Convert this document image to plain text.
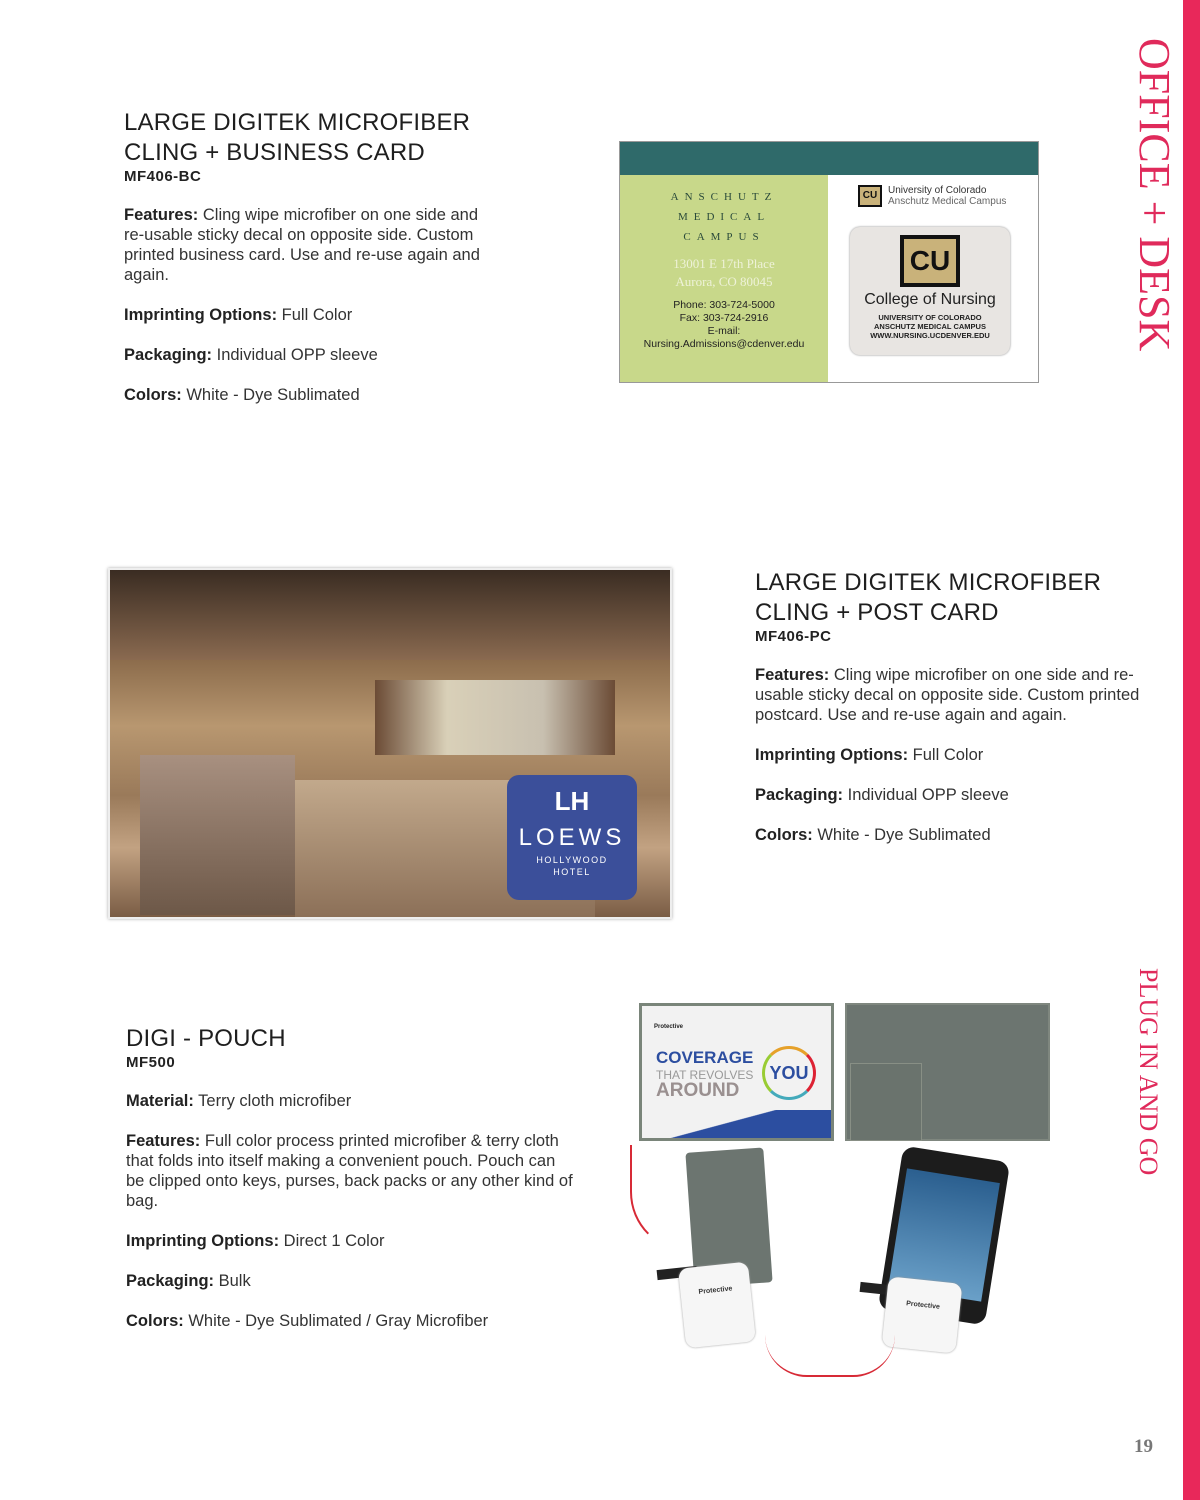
OFFICE + DESK
PLUG IN AND GO
19
LARGE DIGITEK MICROFIBER
CLING + BUSINESS CARD
MF406-BC
Features: Cling wipe microfiber on one side and re-usable sticky decal on opposite side. Custom printed business card. Use and re-use again and again.
Imprinting Options: Full Color
Packaging: Individual OPP sleeve
Colors: White - Dye Sublimated
ANSCHUTZ
MEDICAL
CAMPUS
13001 E 17th Place
Aurora, CO 80045
Phone: 303-724-5000
Fax: 303-724-2916
E-mail:
Nursing.Admissions@cdenver.edu
CU	University of Colorado
Anschutz Medical Campus
CU
College of Nursing
UNIVERSITY OF COLORADO
ANSCHUTZ MEDICAL CAMPUS
WWW.NURSING.UCDENVER.EDU
LH
LOEWS
HOLLYWOOD
HOTEL
LARGE DIGITEK MICROFIBER
CLING + POST CARD
MF406-PC
Features: Cling wipe microfiber on one side and re-usable sticky decal on opposite side. Custom printed postcard. Use and re-use again and again.
Imprinting Options: Full Color
Packaging: Individual OPP sleeve
Colors: White - Dye Sublimated
DIGI - POUCH
MF500
Material: Terry cloth microfiber
Features: Full color process printed microfiber & terry cloth that folds into itself making a convenient pouch. Pouch can be clipped onto keys, purses, back packs or any other kind of bag.
Imprinting Options: Direct 1 Color
Packaging: Bulk
Colors: White - Dye Sublimated / Gray Microfiber
Protective
COVERAGE
THAT REVOLVES
AROUND
YOU
Protective
Protective
